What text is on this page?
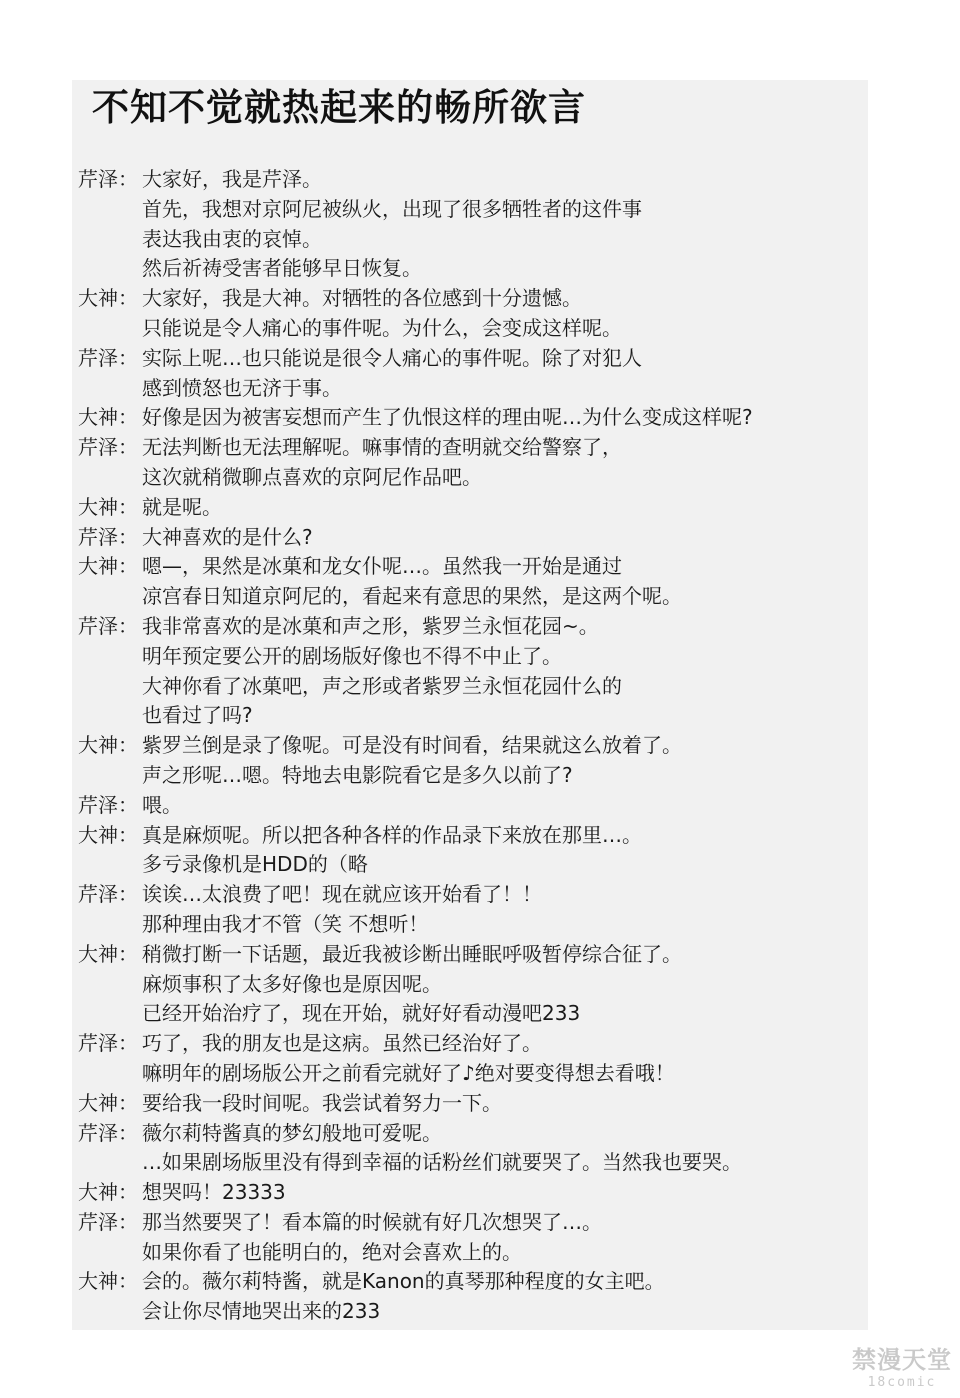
不知不觉就热起来的畅所欲言
芹泽： 大家好，我是芹泽。
首先，我想对京阿尼被纵火，出现了很多牺牲者的这件事
表达我由衷的哀悼。
然后祈祷受害者能够早日恢复。
大神： 大家好，我是大神。对牺牲的各位感到十分遗憾。
只能说是令人痛心的事件呢。为什么，会变成这样呢。
芹泽： 实际上呢…也只能说是很令人痛心的事件呢。除了对犯人
感到愤怒也无济于事。
大神： 好像是因为被害妄想而产生了仇恨这样的理由呢…为什么变成这样呢?
芹泽： 无法判断也无法理解呢。嘛事情的查明就交给警察了，
这次就稍微聊点喜欢的京阿尼作品吧。
大神： 就是呢。
芹泽： 大神喜欢的是什么?
大神： 嗯—，果然是冰菓和龙女仆呢…。虽然我一开始是通过
凉宫春日知道京阿尼的，看起来有意思的果然，是这两个呢。
芹泽： 我非常喜欢的是冰菓和声之形，紫罗兰永恒花园~。
明年预定要公开的剧场版好像也不得不中止了。
大神你看了冰菓吧，声之形或者紫罗兰永恒花园什么的
也看过了吗?
大神： 紫罗兰倒是录了像呢。可是没有时间看，结果就这么放着了。
声之形呢…嗯。特地去电影院看它是多久以前了?
芹泽： 喂。
大神： 真是麻烦呢。所以把各种各样的作品录下来放在那里…。
多亏录像机是HDD的（略
芹泽： 诶诶…太浪费了吧！现在就应该开始看了！！
那种理由我才不管（笑 不想听！
大神： 稍微打断一下话题，最近我被诊断出睡眠呼吸暂停综合征了。
麻烦事积了太多好像也是原因呢。
已经开始治疗了，现在开始，就好好看动漫吧233
芹泽： 巧了，我的朋友也是这病。虽然已经治好了。
嘛明年的剧场版公开之前看完就好了♪绝对要变得想去看哦！
大神： 要给我一段时间呢。我尝试着努力一下。
芹泽： 薇尔莉特酱真的梦幻般地可爱呢。
…如果剧场版里没有得到幸福的话粉丝们就要哭了。当然我也要哭。
大神： 想哭吗！23333
芹泽： 那当然要哭了！看本篇的时候就有好几次想哭了…。
如果你看了也能明白的，绝对会喜欢上的。
大神： 会的。薇尔莉特酱，就是Kanon的真琴那种程度的女主吧。
会让你尽情地哭出来的233
禁漫天堂
18comic
